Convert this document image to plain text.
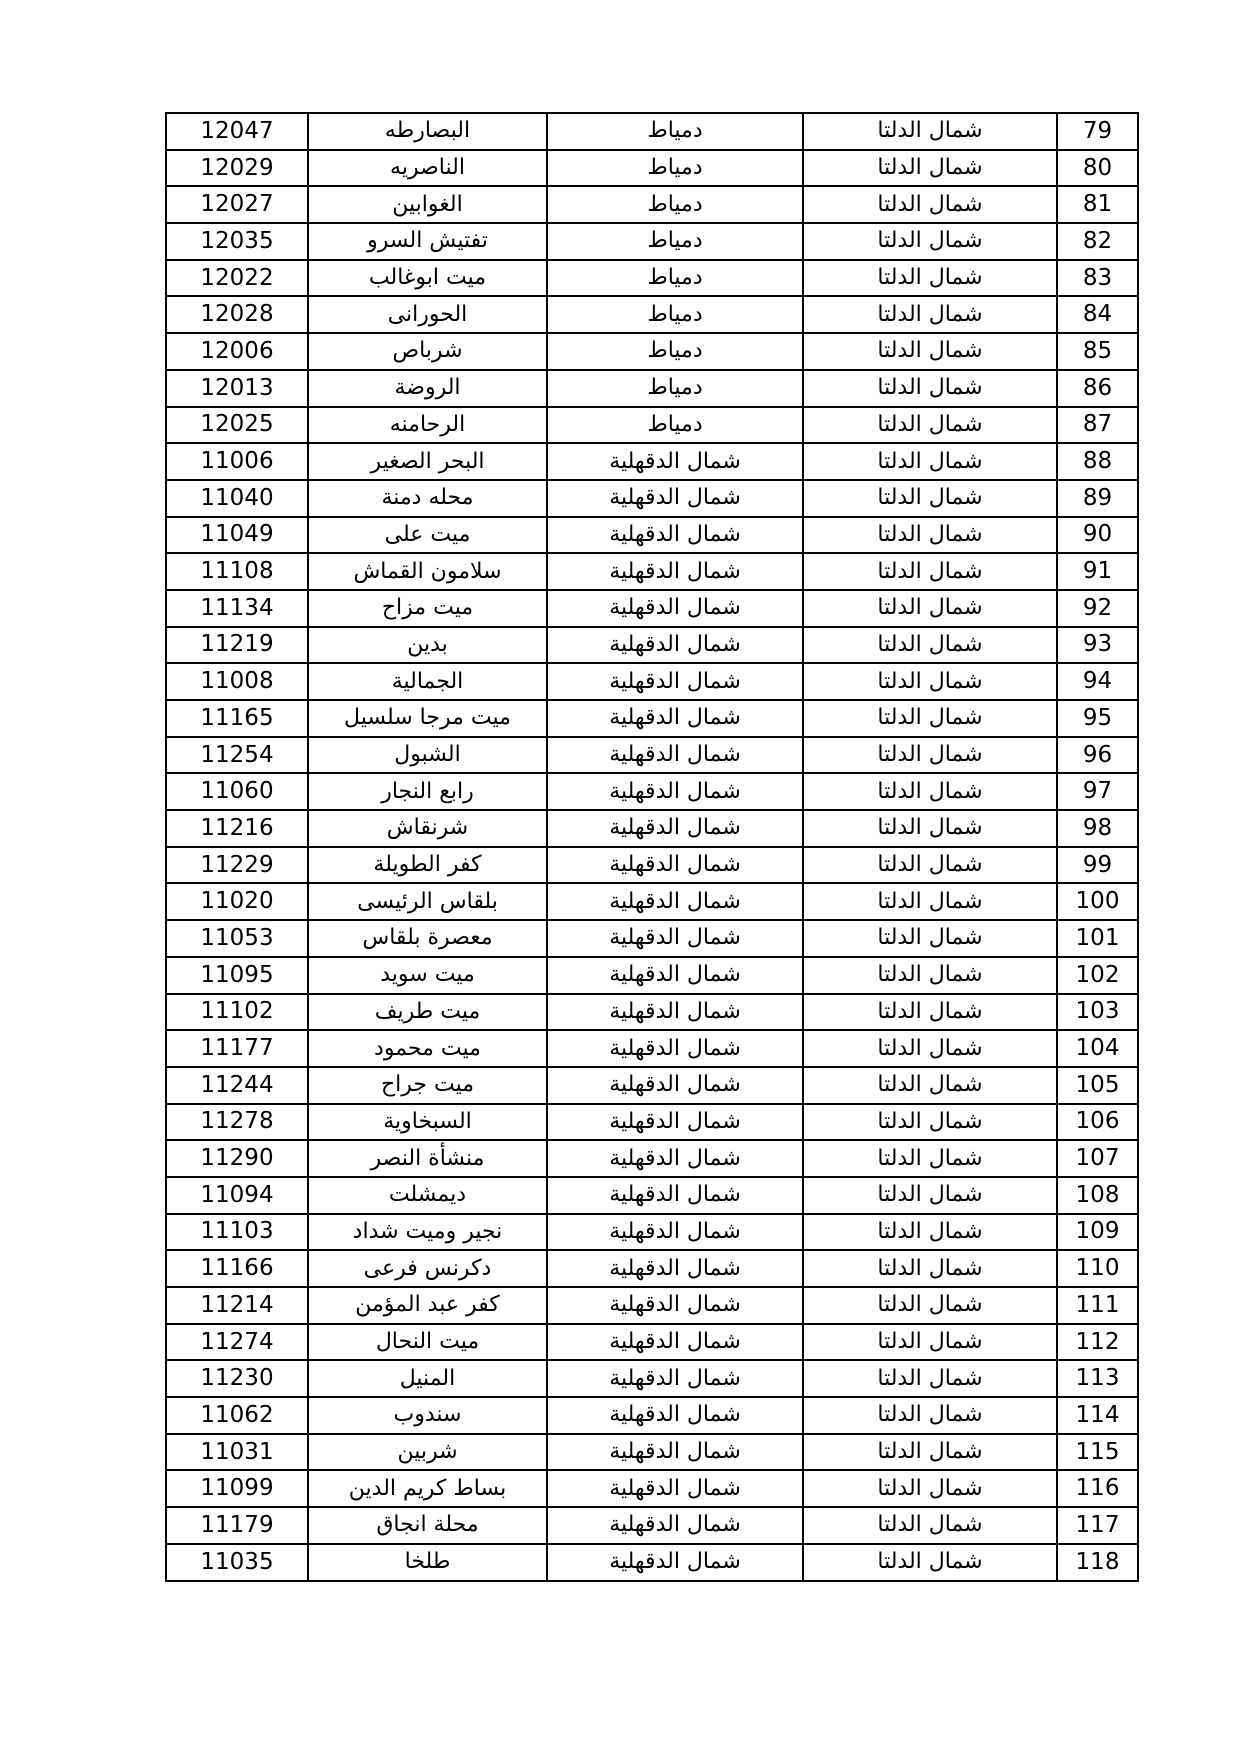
12047	البصارطه	دمياط	شمال الدلتا	79
12029	الناصريه	دمياط	شمال الدلتا	80
12027	الغوابين	دمياط	شمال الدلتا	81
12035	تفتيش السرو	دمياط	شمال الدلتا	82
12022	ميت ابوغالب	دمياط	شمال الدلتا	83
12028	الحورانى	دمياط	شمال الدلتا	84
12006	شرباص	دمياط	شمال الدلتا	85
12013	الروضة	دمياط	شمال الدلتا	86
12025	الرحامنه	دمياط	شمال الدلتا	87
11006	البحر الصغير	شمال الدقهلية	شمال الدلتا	88
11040	محله دمنة	شمال الدقهلية	شمال الدلتا	89
11049	ميت على	شمال الدقهلية	شمال الدلتا	90
11108	سلامون القماش	شمال الدقهلية	شمال الدلتا	91
11134	ميت مزاح	شمال الدقهلية	شمال الدلتا	92
11219	بدين	شمال الدقهلية	شمال الدلتا	93
11008	الجمالية	شمال الدقهلية	شمال الدلتا	94
11165	ميت مرجا سلسيل	شمال الدقهلية	شمال الدلتا	95
11254	الشبول	شمال الدقهلية	شمال الدلتا	96
11060	رابع النجار	شمال الدقهلية	شمال الدلتا	97
11216	شرنقاش	شمال الدقهلية	شمال الدلتا	98
11229	كفر الطويلة	شمال الدقهلية	شمال الدلتا	99
11020	بلقاس الرئيسى	شمال الدقهلية	شمال الدلتا	100
11053	معصرة بلقاس	شمال الدقهلية	شمال الدلتا	101
11095	ميت سويد	شمال الدقهلية	شمال الدلتا	102
11102	ميت طريف	شمال الدقهلية	شمال الدلتا	103
11177	ميت محمود	شمال الدقهلية	شمال الدلتا	104
11244	ميت جراح	شمال الدقهلية	شمال الدلتا	105
11278	السبخاوية	شمال الدقهلية	شمال الدلتا	106
11290	منشأة النصر	شمال الدقهلية	شمال الدلتا	107
11094	ديمشلت	شمال الدقهلية	شمال الدلتا	108
11103	نجير وميت شداد	شمال الدقهلية	شمال الدلتا	109
11166	دكرنس فرعى	شمال الدقهلية	شمال الدلتا	110
11214	كفر عبد المؤمن	شمال الدقهلية	شمال الدلتا	111
11274	ميت النحال	شمال الدقهلية	شمال الدلتا	112
11230	المنيل	شمال الدقهلية	شمال الدلتا	113
11062	سندوب	شمال الدقهلية	شمال الدلتا	114
11031	شربين	شمال الدقهلية	شمال الدلتا	115
11099	بساط كريم الدين	شمال الدقهلية	شمال الدلتا	116
11179	محلة انجاق	شمال الدقهلية	شمال الدلتا	117
11035	طلخا	شمال الدقهلية	شمال الدلتا	118
